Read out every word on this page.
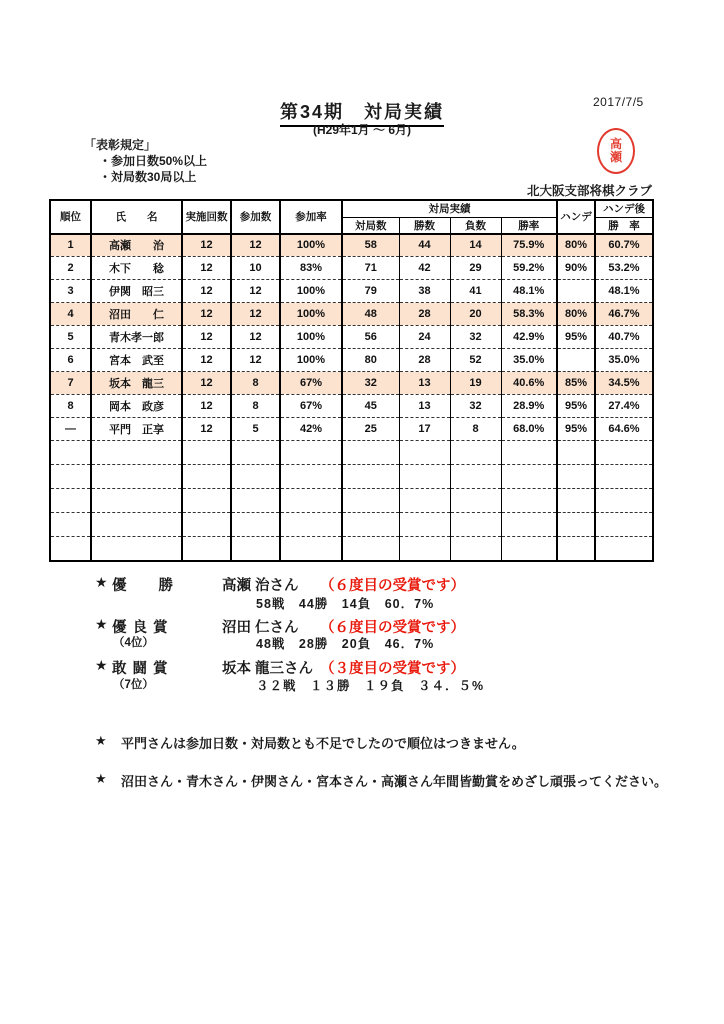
2017/7/5
第34期　対局実績
(H29年1月 ～ 6月)
「表彰規定」
・参加日数50%以上
・対局数30局以上
高
瀬
北大阪支部将棋クラブ
順位	氏　　名	実施回数	参加数	参加率	対局実績				ハンデ	ハンデ後
					対局数	勝数	負数	勝率		勝　率
1	高瀬　　治	12	12	100%	58	44	14	75.9%	80%	60.7%
2	木下　　稔	12	10	83%	71	42	29	59.2%	90%	53.2%
3	伊関　昭三	12	12	100%	79	38	41	48.1%		48.1%
4	沼田　　仁	12	12	100%	48	28	20	58.3%	80%	46.7%
5	青木孝一郎	12	12	100%	56	24	32	42.9%	95%	40.7%
6	宮本　武至	12	12	100%	80	28	52	35.0%		35.0%
7	坂本　龍三	12	8	67%	32	13	19	40.6%	85%	34.5%
8	岡本　政彦	12	8	67%	45	13	32	28.9%	95%	27.4%
―	平門　正享	12	5	42%	25	17	8	68.0%	95%	64.6%

★ 優　　勝	高瀬 治さん （６度目の受賞です）
58戦　44勝　14負　60．7%
★ 優 良 賞	沼田 仁さん （６度目の受賞です）
（4位）	48戦　28勝　20負　46．7%
★ 敢 闘 賞	坂本 龍三さん （３度目の受賞です）
（7位）	３２戦　１３勝　１９負　３４．５%
★ 平門さんは参加日数・対局数とも不足でしたので順位はつきません。
★ 沼田さん・青木さん・伊関さん・宮本さん・高瀬さん年間皆勤賞をめざし頑張ってください。
